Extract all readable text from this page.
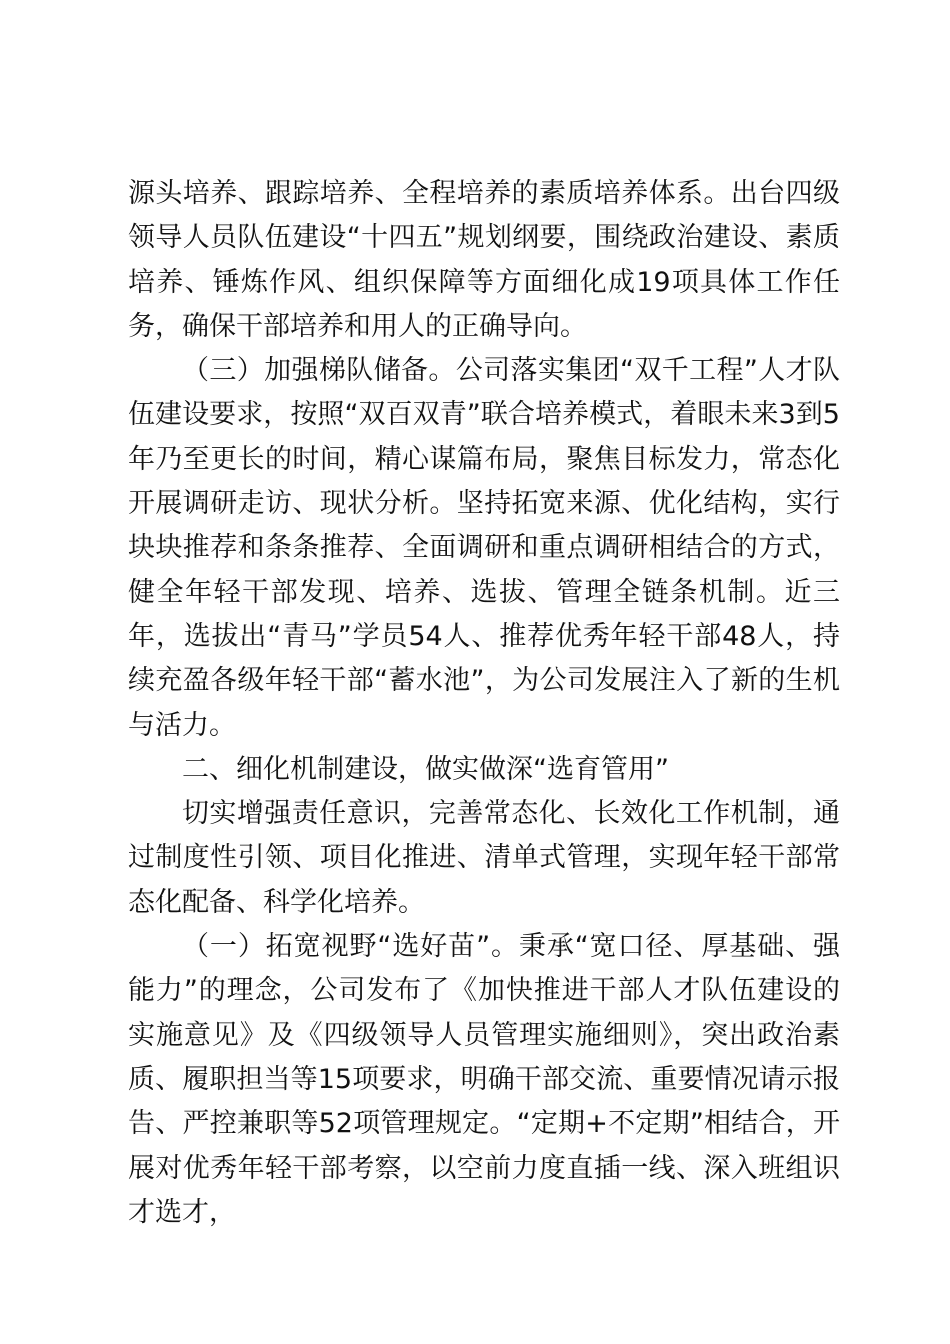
源头培养、跟踪培养、全程培养的素质培养体系。出台四级领导人员队伍建设“十四五”规划纲要，围绕政治建设、素质培养、锤炼作风、组织保障等方面细化成19项具体工作任务，确保干部培养和用人的正确导向。

（三）加强梯队储备。公司落实集团“双千工程”人才队伍建设要求，按照“双百双青”联合培养模式，着眼未来3到5年乃至更长的时间，精心谋篇布局，聚焦目标发力，常态化开展调研走访、现状分析。坚持拓宽来源、优化结构，实行块块推荐和条条推荐、全面调研和重点调研相结合的方式，健全年轻干部发现、培养、选拔、管理全链条机制。近三年，选拔出“青马”学员54人、推荐优秀年轻干部48人，持续充盈各级年轻干部“蓄水池”，为公司发展注入了新的生机与活力。

二、细化机制建设，做实做深“选育管用”

切实增强责任意识，完善常态化、长效化工作机制，通过制度性引领、项目化推进、清单式管理，实现年轻干部常态化配备、科学化培养。

（一）拓宽视野“选好苗”。秉承“宽口径、厚基础、强能力”的理念，公司发布了《加快推进干部人才队伍建设的实施意见》及《四级领导人员管理实施细则》，突出政治素质、履职担当等15项要求，明确干部交流、重要情况请示报告、严控兼职等52项管理规定。“定期+不定期”相结合，开展对优秀年轻干部考察，以空前力度直插一线、深入班组识才选才，
